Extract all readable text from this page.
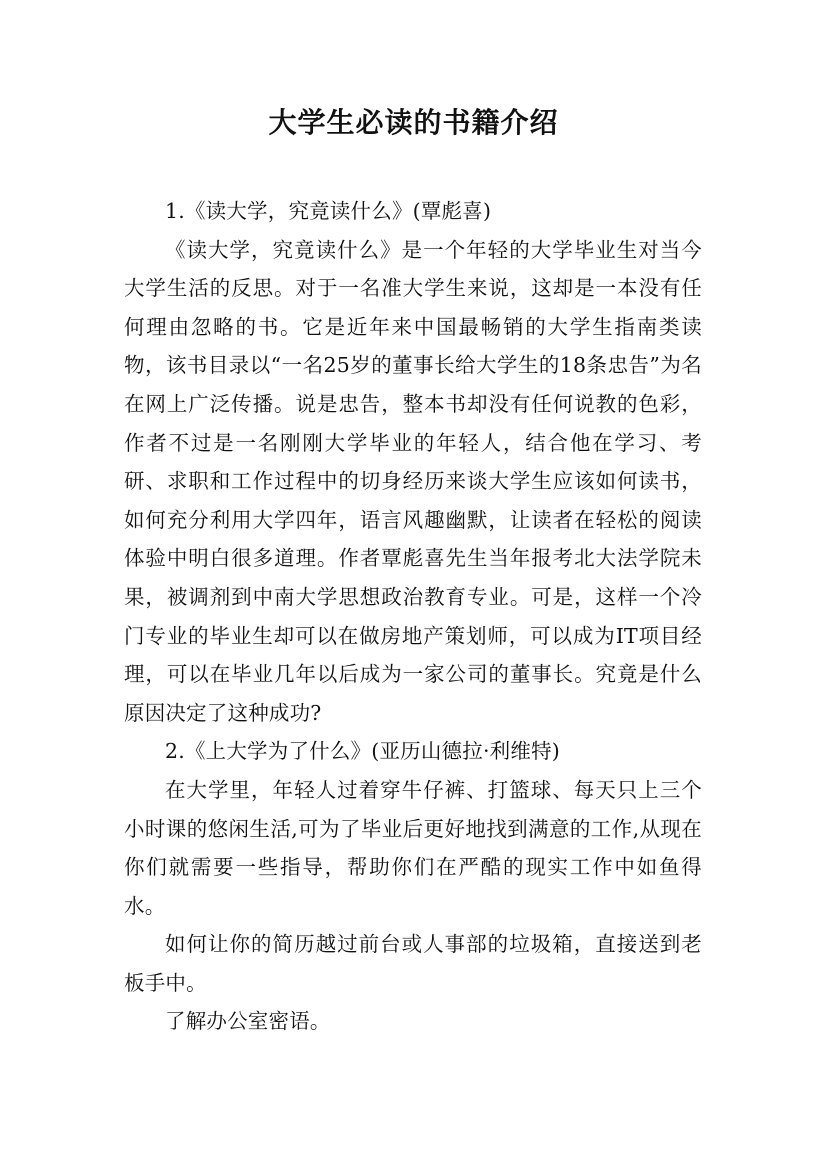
大学生必读的书籍介绍

1.《读大学，究竟读什么》(覃彪喜)

《读大学，究竟读什么》是一个年轻的大学毕业生对当今大学生活的反思。对于一名准大学生来说，这却是一本没有任何理由忽略的书。它是近年来中国最畅销的大学生指南类读物，该书目录以“一名25岁的董事长给大学生的18条忠告”为名在网上广泛传播。说是忠告，整本书却没有任何说教的色彩，作者不过是一名刚刚大学毕业的年轻人，结合他在学习、考研、求职和工作过程中的切身经历来谈大学生应该如何读书，如何充分利用大学四年，语言风趣幽默，让读者在轻松的阅读体验中明白很多道理。作者覃彪喜先生当年报考北大法学院未果，被调剂到中南大学思想政治教育专业。可是，这样一个冷门专业的毕业生却可以在做房地产策划师，可以成为IT项目经理，可以在毕业几年以后成为一家公司的董事长。究竟是什么原因决定了这种成功?

2.《上大学为了什么》(亚历山德拉·利维特)

在大学里，年轻人过着穿牛仔裤、打篮球、每天只上三个小时课的悠闲生活,可为了毕业后更好地找到满意的工作,从现在你们就需要一些指导，帮助你们在严酷的现实工作中如鱼得水。

如何让你的简历越过前台或人事部的垃圾箱，直接送到老板手中。

了解办公室密语。
